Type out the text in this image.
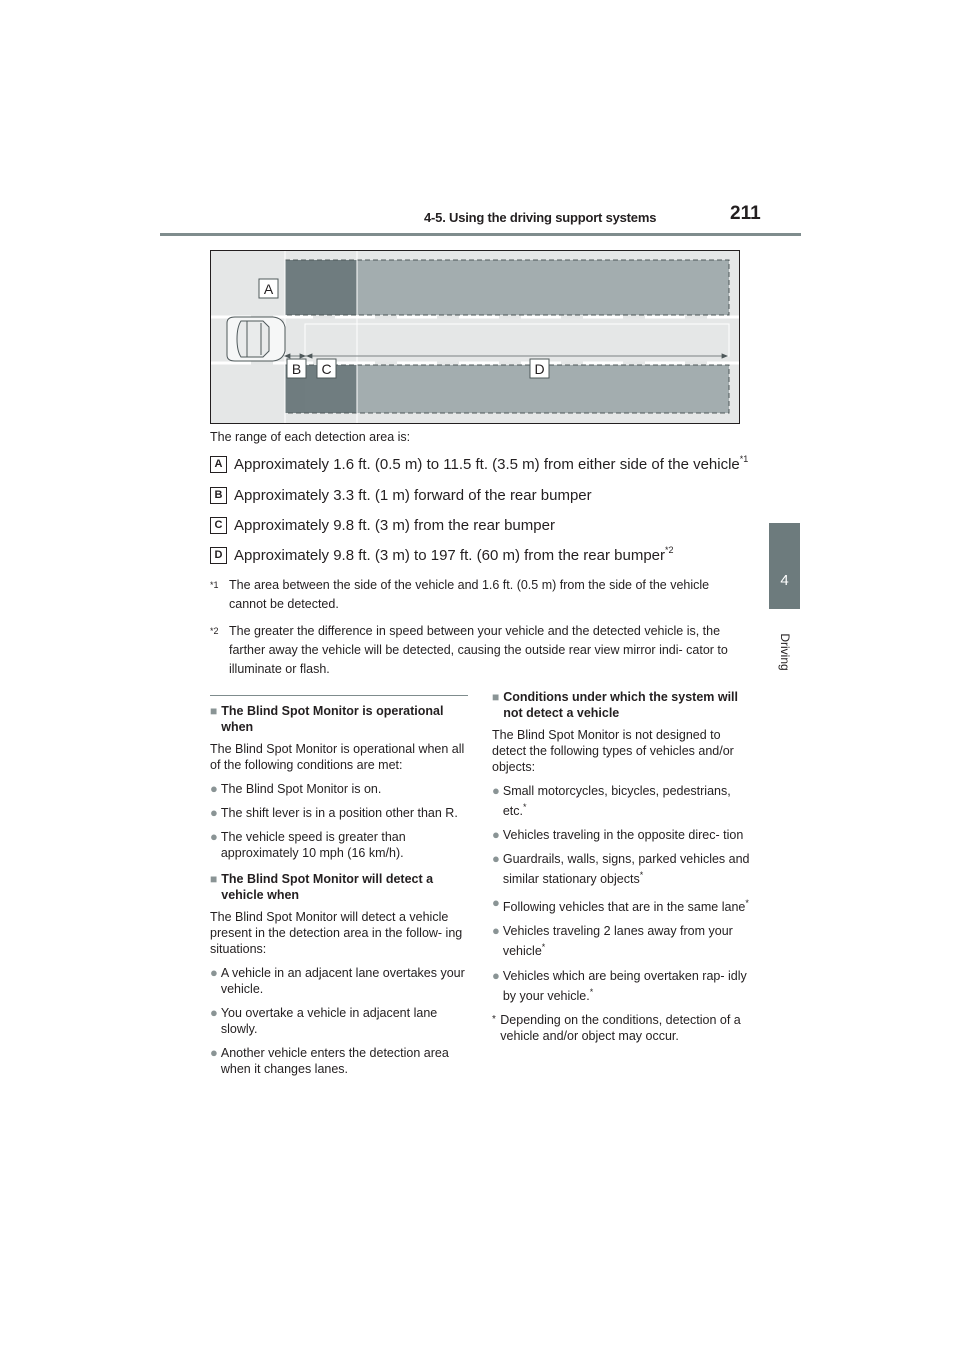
4-5. Using the driving support systems	211
4
Driving
A
B C	D
The range of each detection area is:
A Approximately 1.6 ft. (0.5 m) to 11.5 ft. (3.5 m) from either side of the vehicle$^{*1}$
B Approximately 3.3 ft. (1 m) forward of the rear bumper
C Approximately 9.8 ft. (3 m) from the rear bumper
D Approximately 9.8 ft. (3 m) to 197 ft. (60 m) from the rear bumper$^{*2}$
*1 The area between the side of the vehicle and 1.6 ft. (0.5 m) from the side of the vehicle cannot be detected.
*2 The greater the difference in speed between your vehicle and the detected vehicle is, the farther away the vehicle will be detected, causing the outside rear view mirror indi- cator to illuminate or flash.
■ The Blind Spot Monitor is operational when
The Blind Spot Monitor is operational when all of the following conditions are met:
● The Blind Spot Monitor is on.
● The shift lever is in a position other than R.
● The vehicle speed is greater than approximately 10 mph (16 km/h).
■ The Blind Spot Monitor will detect a vehicle when
The Blind Spot Monitor will detect a vehicle present in the detection area in the follow- ing situations:
● A vehicle in an adjacent lane overtakes your vehicle.
● You overtake a vehicle in adjacent lane slowly.
● Another vehicle enters the detection area when it changes lanes.
■ Conditions under which the system will not detect a vehicle
The Blind Spot Monitor is not designed to detect the following types of vehicles and/or objects:
● Small motorcycles, bicycles, pedestrians, etc.*
● Vehicles traveling in the opposite direc- tion
● Guardrails, walls, signs, parked vehicles and similar stationary objects*
● Following vehicles that are in the same lane*
● Vehicles traveling 2 lanes away from your vehicle*
● Vehicles which are being overtaken rap- idly by your vehicle.*
* Depending on the conditions, detection of a vehicle and/or object may occur.
